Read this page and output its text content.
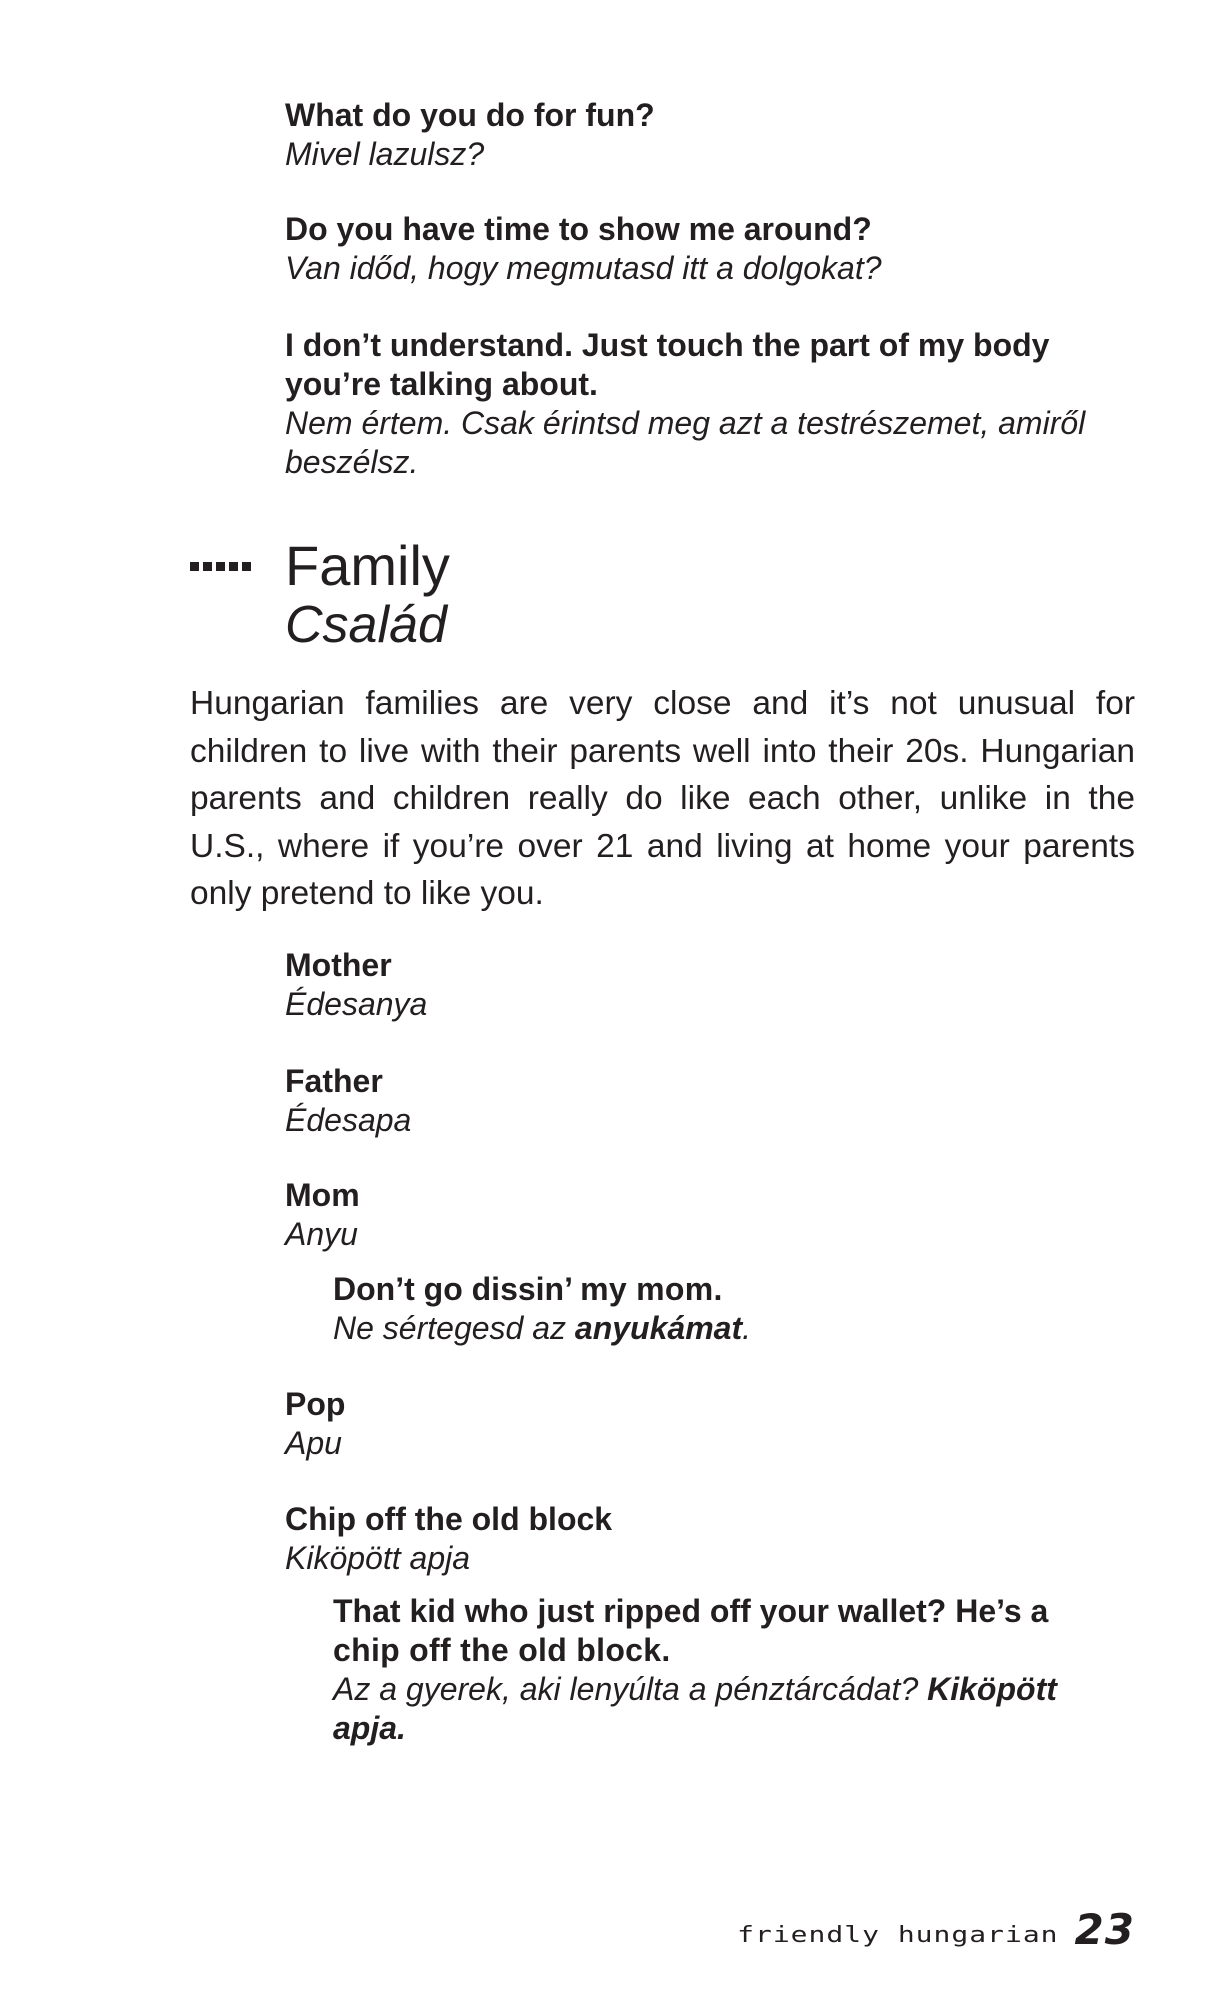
What do you do for fun?

Mivel lazulsz?

Do you have time to show me around?

Van időd, hogy megmutasd itt a dolgokat?

I don’t understand. Just touch the part of my body

you’re talking about.

Nem értem. Csak érintsd meg azt a testrészemet, amiről

beszélsz.

Family
Család

Hungarian families are very close and it’s not unusual for children to live with their parents well into their 20s. Hungarian parents and children really do like each other, unlike in the U.S., where if you’re over 21 and living at home your parents only pretend to like you.

Mother

Édesanya

Father

Édesapa

Mom

Anyu

Don’t go dissin’ my mom.

Ne sértegesd az anyukámat.

Pop

Apu

Chip off the old block

Kiköpött apja

That kid who just ripped off your wallet? He’s a

chip off the old block.

Az a gyerek, aki lenyúlta a pénztárcádat? Kiköpött

apja.

friendly hungarian 23
